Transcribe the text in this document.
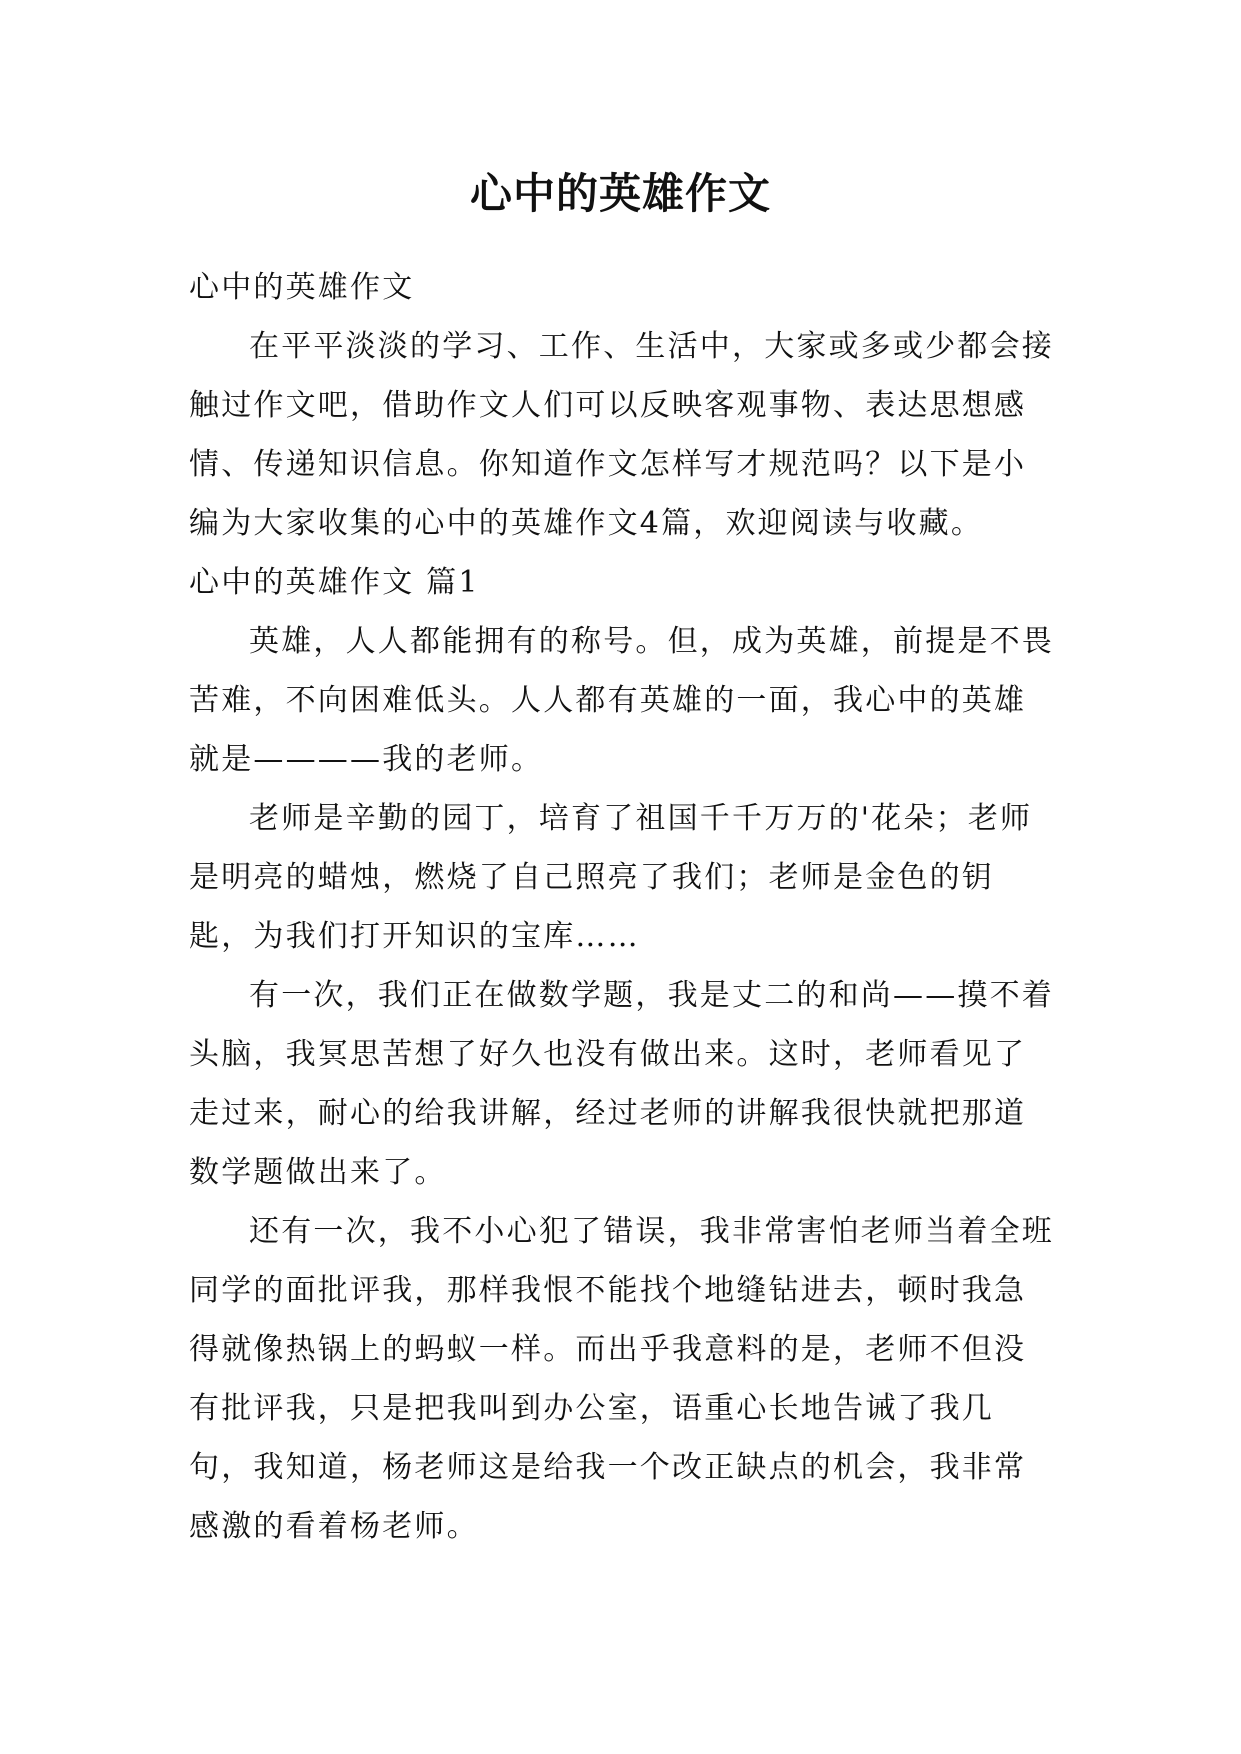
心中的英雄作文

心中的英雄作文

在平平淡淡的学习、工作、生活中，大家或多或少都会接触过作文吧，借助作文人们可以反映客观事物、表达思想感情、传递知识信息。你知道作文怎样写才规范吗？以下是小编为大家收集的心中的英雄作文4篇，欢迎阅读与收藏。

心中的英雄作文 篇1

英雄，人人都能拥有的称号。但，成为英雄，前提是不畏苦难，不向困难低头。人人都有英雄的一面，我心中的英雄就是————我的老师。

老师是辛勤的园丁，培育了祖国千千万万的'花朵；老师是明亮的蜡烛，燃烧了自己照亮了我们；老师是金色的钥匙，为我们打开知识的宝库……

有一次，我们正在做数学题，我是丈二的和尚——摸不着头脑，我冥思苦想了好久也没有做出来。这时，老师看见了走过来，耐心的给我讲解，经过老师的讲解我很快就把那道数学题做出来了。

还有一次，我不小心犯了错误，我非常害怕老师当着全班同学的面批评我，那样我恨不能找个地缝钻进去，顿时我急得就像热锅上的蚂蚁一样。而出乎我意料的是，老师不但没有批评我，只是把我叫到办公室，语重心长地告诫了我几句，我知道，杨老师这是给我一个改正缺点的机会，我非常感激的看着杨老师。
